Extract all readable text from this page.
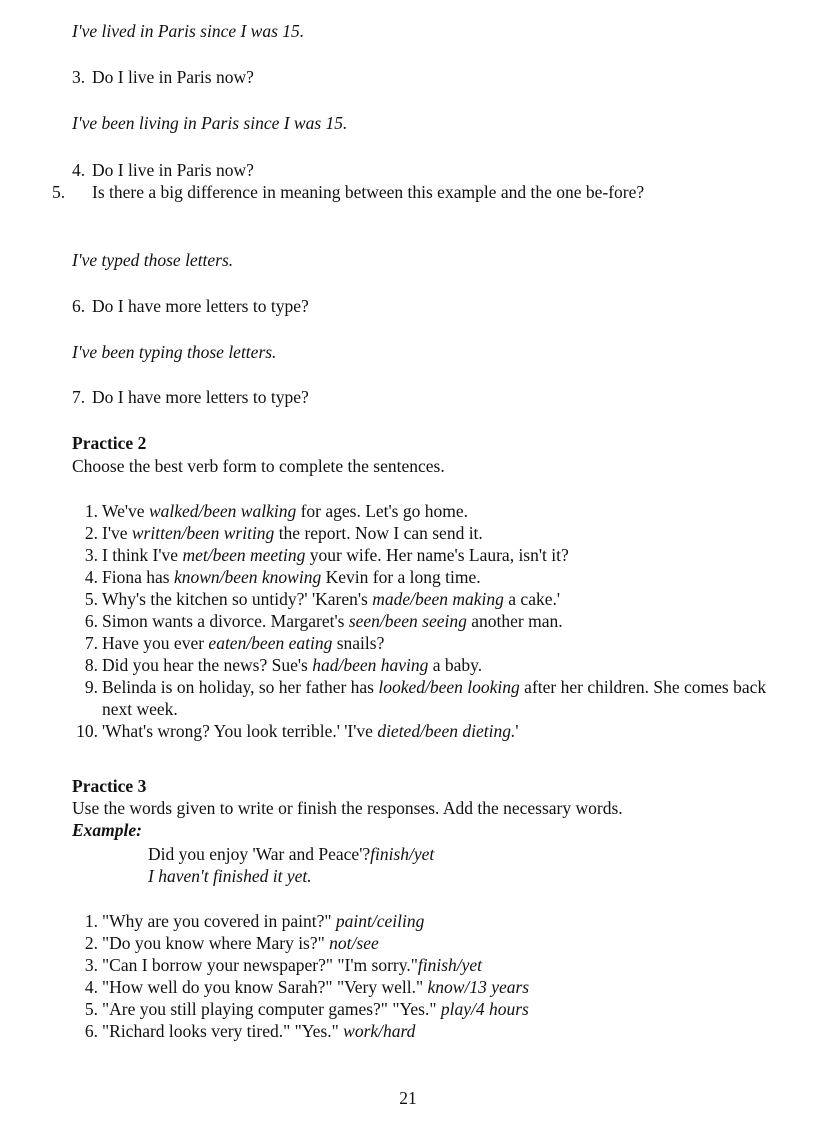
I've lived in Paris since I was 15.

3. Do I live in Paris now?

I've been living in Paris since I was 15.

4. Do I live in Paris now?

5. Is there a big difference in meaning between this example and the one be-fore?

I've typed those letters.

6. Do I have more letters to type?

I've been typing those letters.

7. Do I have more letters to type?

Practice 2

Choose the best verb form to complete the sentences.

1. We've walked/been walking for ages. Let's go home.
2. I've written/been writing the report. Now I can send it.
3. I think I've met/been meeting your wife. Her name's Laura, isn't it?
4. Fiona has known/been knowing Kevin for a long time.
5. Why's the kitchen so untidy?' 'Karen's made/been making a cake.'
6. Simon wants a divorce. Margaret's seen/been seeing another man.
7. Have you ever eaten/been eating snails?
8. Did you hear the news? Sue's had/been having a baby.
9. Belinda is on holiday, so her father has looked/been looking after her children. She comes back next week.
10. 'What's wrong? You look terrible.' 'I've dieted/been dieting.'

Practice 3

Use the words given to write or finish the responses. Add the necessary words.

Example:

Did you enjoy 'War and Peace'?finish/yet

I haven't finished it yet.

1. "Why are you covered in paint?" paint/ceiling
2. "Do you know where Mary is?" not/see
3. "Can I borrow your newspaper?" "I'm sorry."finish/yet
4. "How well do you know Sarah?" "Very well." know/13 years
5. "Are you still playing computer games?" "Yes." play/4 hours
6. "Richard looks very tired." "Yes." work/hard
21
